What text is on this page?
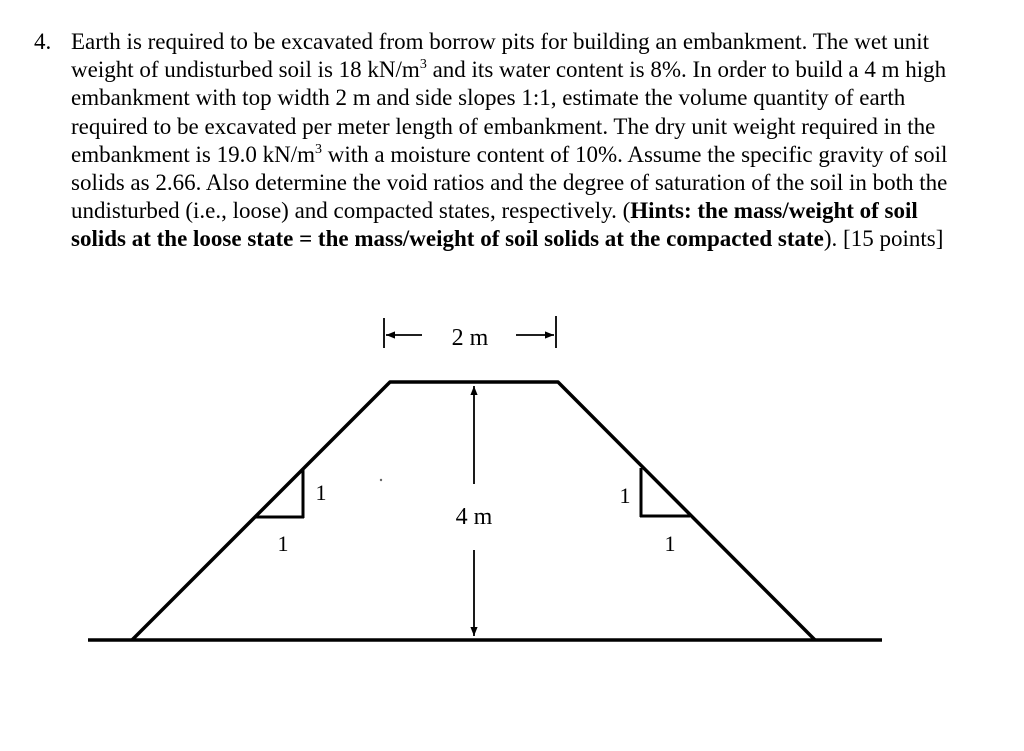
4. Earth is required to be excavated from borrow pits for building an embankment. The wet unit weight of undisturbed soil is 18 $kN/m^3$ and its water content is 8%. In order to build a 4 m high embankment with top width 2 m and side slopes 1:1, estimate the volume quantity of earth required to be excavated per meter length of embankment. The dry unit weight required in the embankment is 19.0 $kN/m^3$ with a moisture content of 10%. Assume the specific gravity of soil solids as 2.66. Also determine the void ratios and the degree of saturation of the soil in both the undisturbed (i.e., loose) and compacted states, respectively. (Hints: the mass/weight of soil solids at the loose state = the mass/weight of soil solids at the compacted state). [15 points]
2 m
4 m
1
1
1
1
